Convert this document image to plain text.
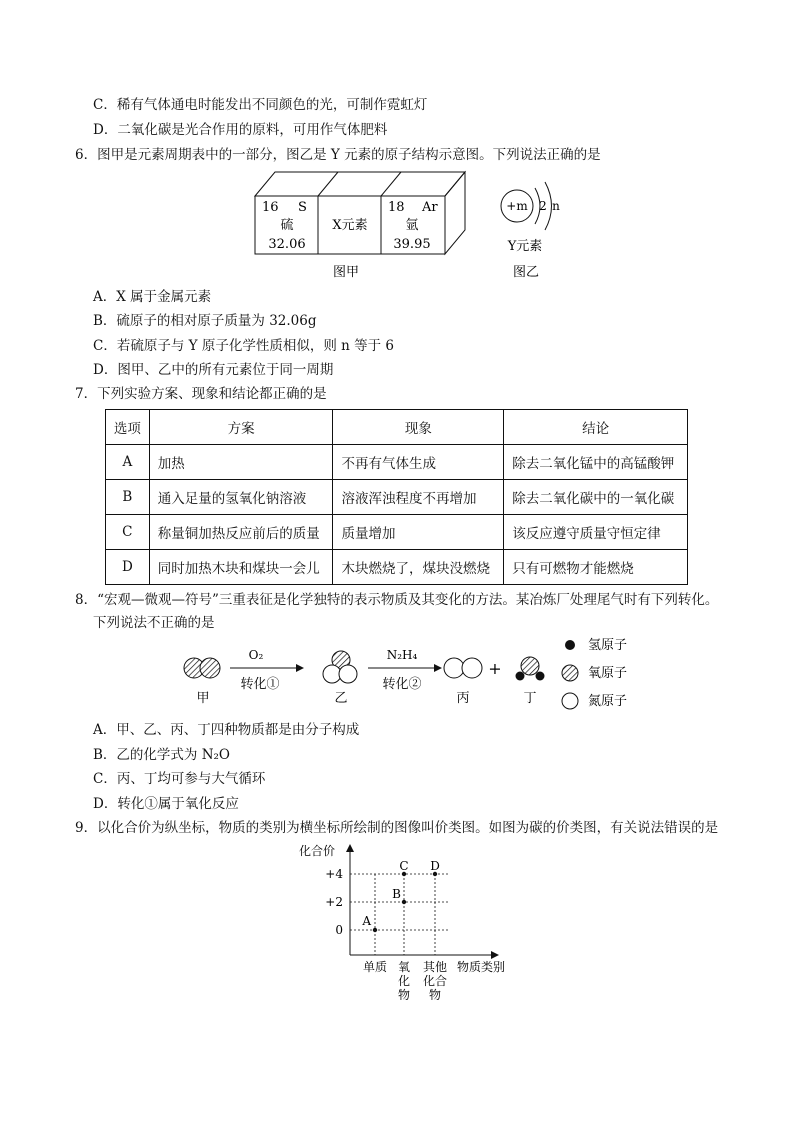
C．稀有气体通电时能发出不同颜色的光，可制作霓虹灯
D．二氧化碳是光合作用的原料，可用作气体肥料
6．图甲是元素周期表中的一部分，图乙是 Y 元素的原子结构示意图。下列说法正确的是
16 S
硫
32.06
X元素
18 Ar
氩
39.95
图甲
+m 2 n
Y元素
图乙
A．X 属于金属元素
B．硫原子的相对原子质量为 32.06g
C．若硫原子与 Y 原子化学性质相似，则 n 等于 6
D．图甲、乙中的所有元素位于同一周期
7．下列实验方案、现象和结论都正确的是
选项	方案	现象	结论
A	加热	不再有气体生成	除去二氧化锰中的高锰酸钾
B	通入足量的氢氧化钠溶液	溶液浑浊程度不再增加	除去二氧化碳中的一氧化碳
C	称量铜加热反应前后的质量	质量增加	该反应遵守质量守恒定律
D	同时加热木块和煤块一会儿	木块燃烧了，煤块没燃烧	只有可燃物才能燃烧
8．“宏观—微观—符号”三重表征是化学独特的表示物质及其变化的方法。某冶炼厂处理尾气时有下列转化。
下列说法不正确的是
甲
O₂
转化①
乙
N₂H₄
转化②
丙
+
丁
氢原子
氧原子
氮原子
A．甲、乙、丙、丁四种物质都是由分子构成
B．乙的化学式为 N₂O
C．丙、丁均可参与大气循环
D．转化①属于氧化反应
9．以化合价为纵坐标，物质的类别为横坐标所绘制的图像叫价类图。如图为碳的价类图，有关说法错误的是
化合价
+4
+2
0
A
B
C D
单质 氧化物
其他化合物
物质类别
